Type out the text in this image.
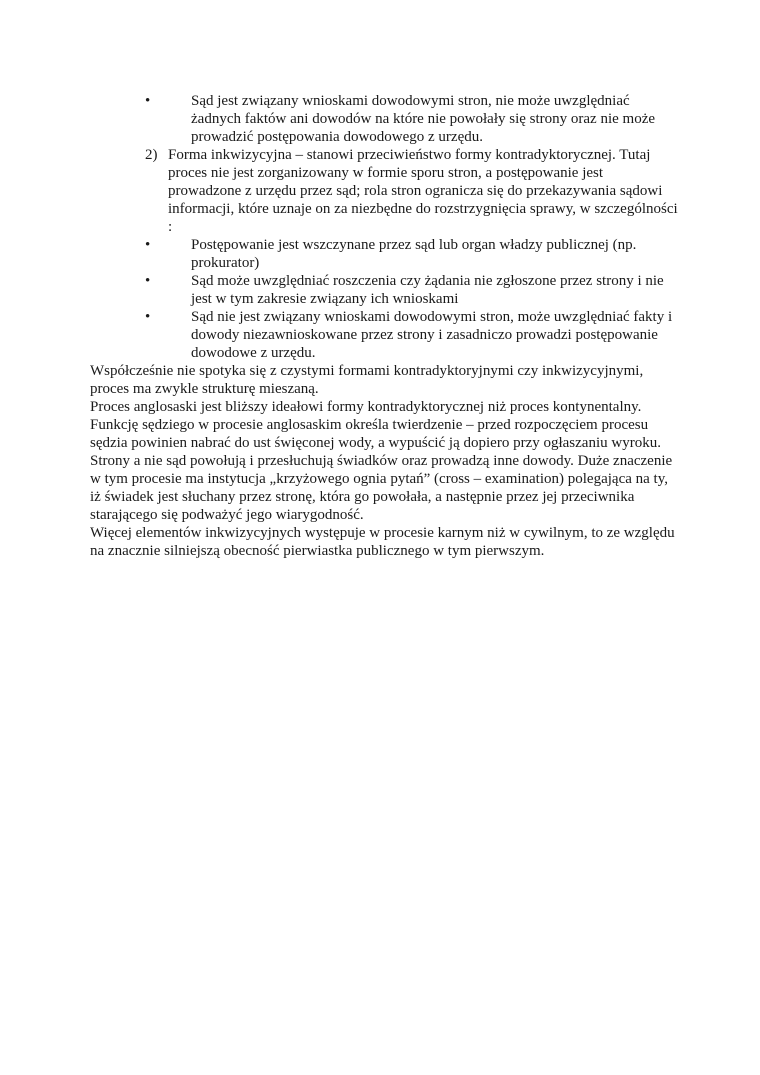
•	Sąd jest związany wnioskami dowodowymi stron, nie może uwzględniać żadnych faktów ani dowodów na które nie powołały się strony oraz nie może prowadzić postępowania dowodowego z urzędu.
2) Forma inkwizycyjna – stanowi przeciwieństwo formy kontradyktorycznej. Tutaj proces nie jest zorganizowany w formie sporu stron, a postępowanie jest prowadzone z urzędu przez sąd; rola stron ogranicza się do przekazywania sądowi informacji, które uznaje on za niezbędne do rozstrzygnięcia sprawy, w szczególności :
•	Postępowanie jest wszczynane przez sąd lub organ władzy publicznej (np. prokurator)
•	Sąd może uwzględniać roszczenia czy żądania nie zgłoszone przez strony i nie jest w tym zakresie związany ich wnioskami
•	Sąd nie jest związany wnioskami dowodowymi stron, może uwzględniać fakty i dowody niezawnioskowane przez strony i zasadniczo prowadzi postępowanie dowodowe z urzędu.

Współcześnie nie spotyka się z czystymi formami kontradyktoryjnymi czy inkwizycyjnymi, proces ma zwykle strukturę mieszaną.

Proces anglosaski jest bliższy ideałowi formy kontradyktorycznej niż proces kontynentalny. Funkcję sędziego w procesie anglosaskim określa twierdzenie – przed rozpoczęciem procesu sędzia powinien nabrać do ust święconej wody, a wypuścić ją dopiero przy ogłaszaniu wyroku. Strony a nie sąd powołują i przesłuchują świadków oraz prowadzą inne dowody. Duże znaczenie w tym procesie ma instytucja „krzyżowego ognia pytań” (cross – examination) polegająca na ty, iż świadek jest słuchany przez stronę, która go powołała, a następnie przez jej przeciwnika starającego się podważyć jego wiarygodność.

Więcej elementów inkwizycyjnych występuje w procesie karnym niż w cywilnym, to ze względu na znacznie silniejszą obecność pierwiastka publicznego w tym pierwszym.
